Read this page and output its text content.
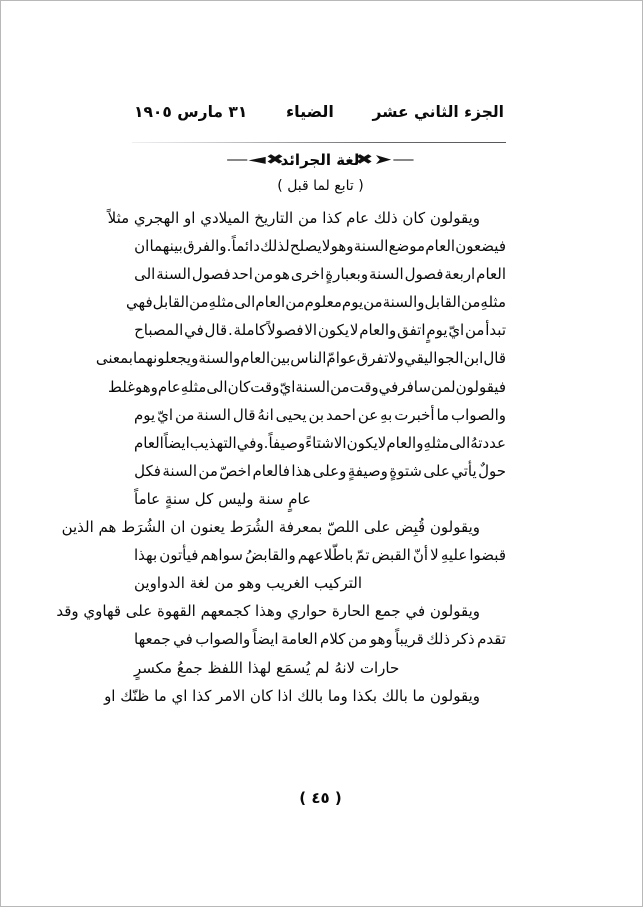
الجزء الثاني عشر
الضياء
٣١ مارس ١٩٠٥
—➤✖
لغة الجرائد
✖◄—
( تابع لما قبل )
ويقولون كان ذلك عام كذا من التاريخ الميلادي او الهجري مثلاً
فيضعون
العام
موضع
السنة
وهو
لا
يصلح
لذلك
دائماً
.
والفرق
بينهما
ان
العام
اربعة
فصول
السنة
وبعبارةٍ
اخرى
هو
من
احد
فصول
السنة
الى
مثلهِ
من
القابل
والسنة
من
يوم
معلوم
من
العام
الى
مثلهِ
من
القابل
فهي
تبدأ
من
ايّ
يومٍ
اتفق
والعام
لا
يكون
الا
فصولاً
كاملة
.
قال
في
المصباح
قال
ابن
الجواليقي
ولا
تفرق
عوامّ
الناس
بين
العام
والسنة
ويجعلونهما
بمعنى
فيقولون
لمن
سافر
في
وقت
من
السنة
ايّ
وقت
كان
الى
مثلهِ
عام
وهو
غلط
والصواب
ما
أخبرت
بهِ
عن
احمد
بن
يحيى
انهُ
قال
السنة
من
ايّ
يوم
عددتهُ
الى
مثلهِ
والعام
لا
يكون
الا
شتاءً
وصيفاً
.
وفي
التهذيب
ايضاً
العام
حولٌ
يأتي
على
شتوةٍ
وصيفةٍ
وعلى
هذا
فالعام
اخصّ
من
السنة
فكل
عامٍ سنة وليس كل سنةٍ عاماً
ويقولون قُبِض على اللصّ بمعرفة الشُرَط يعنون ان الشُرَط هم الذين
قبضوا
عليهِ
لا
أنّ
القبض
تمّ
باطّلاعهم
والقابضُ
سواهم
فيأتون
بهذا
التركيب الغريب وهو من لغة الدواوين
ويقولون في جمع الحارة حواري وهذا كجمعهم القهوة على قهاوي وقد
تقدم
ذكر
ذلك
قريباً
وهو
من
كلام
العامة
ايضاً
والصواب
في
جمعها
حارات لانهُ لم يُسمَع لهذا اللفظ جمعُ مكسرٍ
ويقولون ما بالك بكذا وما بالك اذا كان الامر كذا اي ما ظنّك او
( ٤٥ )
